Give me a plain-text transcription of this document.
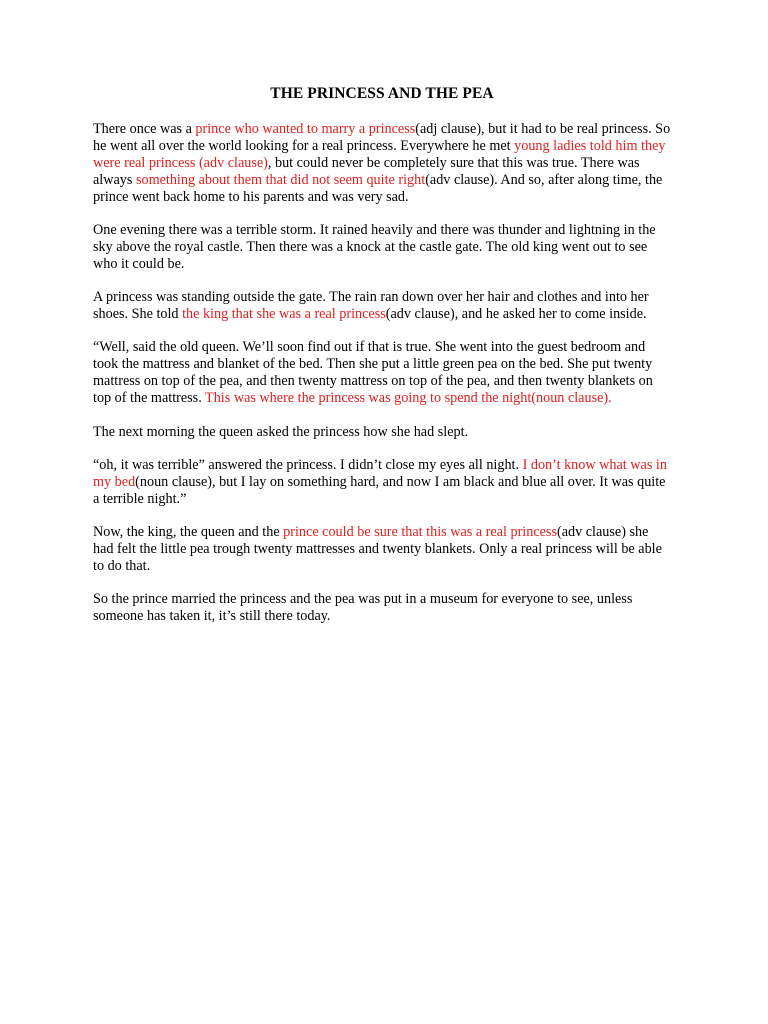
THE PRINCESS AND THE PEA

There once was a prince who wanted to marry a princess(adj clause), but it had to be real princess. So he went all over the world looking for a real princess. Everywhere he met young ladies told him they were real princess (adv clause), but could never be completely sure that this was true. There was always something about them that did not seem quite right(adv clause). And so, after along time, the prince went back home to his parents and was very sad.

One evening there was a terrible storm. It rained heavily and there was thunder and lightning in the sky above the royal castle. Then there was a knock at the castle gate. The old king went out to see who it could be.

A princess was standing outside the gate. The rain ran down over her hair and clothes and into her shoes. She told the king that she was a real princess(adv clause), and he asked her to come inside.

“Well, said the old queen. We’ll soon find out if that is true. She went into the guest bedroom and took the mattress and blanket of the bed. Then she put a little green pea on the bed. She put twenty mattress on top of the pea, and then twenty mattress on top of the pea, and then twenty blankets on top of the mattress. This was where the princess was going to spend the night(noun clause).

The next morning the queen asked the princess how she had slept.

“oh, it was terrible” answered the princess. I didn’t close my eyes all night. I don’t know what was in my bed(noun clause), but I lay on something hard, and now I am black and blue all over. It was quite a terrible night.”

Now, the king, the queen and the prince could be sure that this was a real princess(adv clause) she had felt the little pea trough twenty mattresses and twenty blankets. Only a real princess will be able to do that.

So the prince married the princess and the pea was put in a museum for everyone to see, unless someone has taken it, it’s still there today.
